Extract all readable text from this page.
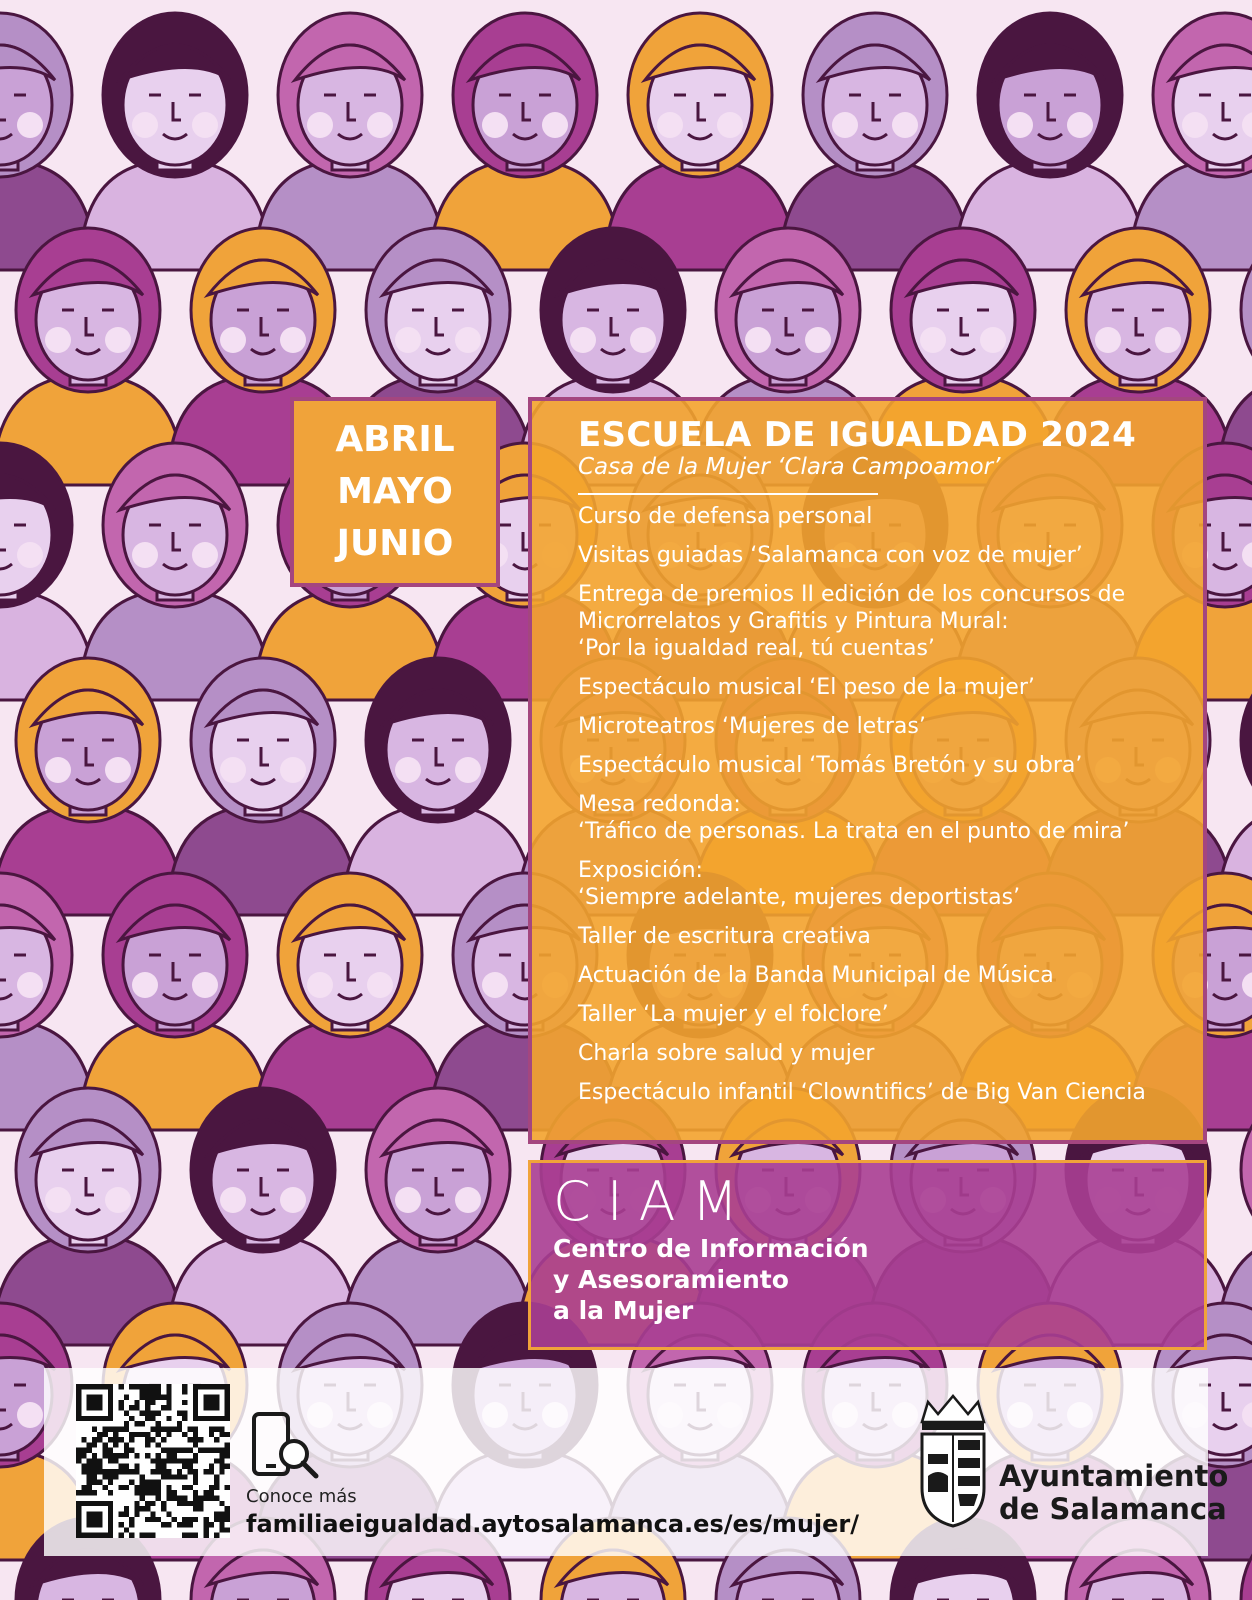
ABRIL
MAYO
JUNIO
ESCUELA DE IGUALDAD 2024
Casa de la Mujer ‘Clara Campoamor’
Curso de defensa personal
Visitas guiadas ‘Salamanca con voz de mujer’
Entrega de premios II edición de los concursos de
Microrrelatos y Grafitis y Pintura Mural:
‘Por la igualdad real, tú cuentas’
Espectáculo musical ‘El peso de la mujer’
Microteatros ‘Mujeres de letras’
Espectáculo musical ‘Tomás Bretón y su obra’
Mesa redonda:
‘Tráfico de personas. La trata en el punto de mira’
Exposición:
‘Siempre adelante, mujeres deportistas’
Taller de escritura creativa
Actuación de la Banda Municipal de Música
Taller ‘La mujer y el folclore’
Charla sobre salud y mujer
Espectáculo infantil ‘Clowntifics’ de Big Van Ciencia
CIAM
Centro de Información
y Asesoramiento
a la Mujer
Conoce más
familiaeigualdad.aytosalamanca.es/es/mujer/
Ayuntamiento
de Salamanca
